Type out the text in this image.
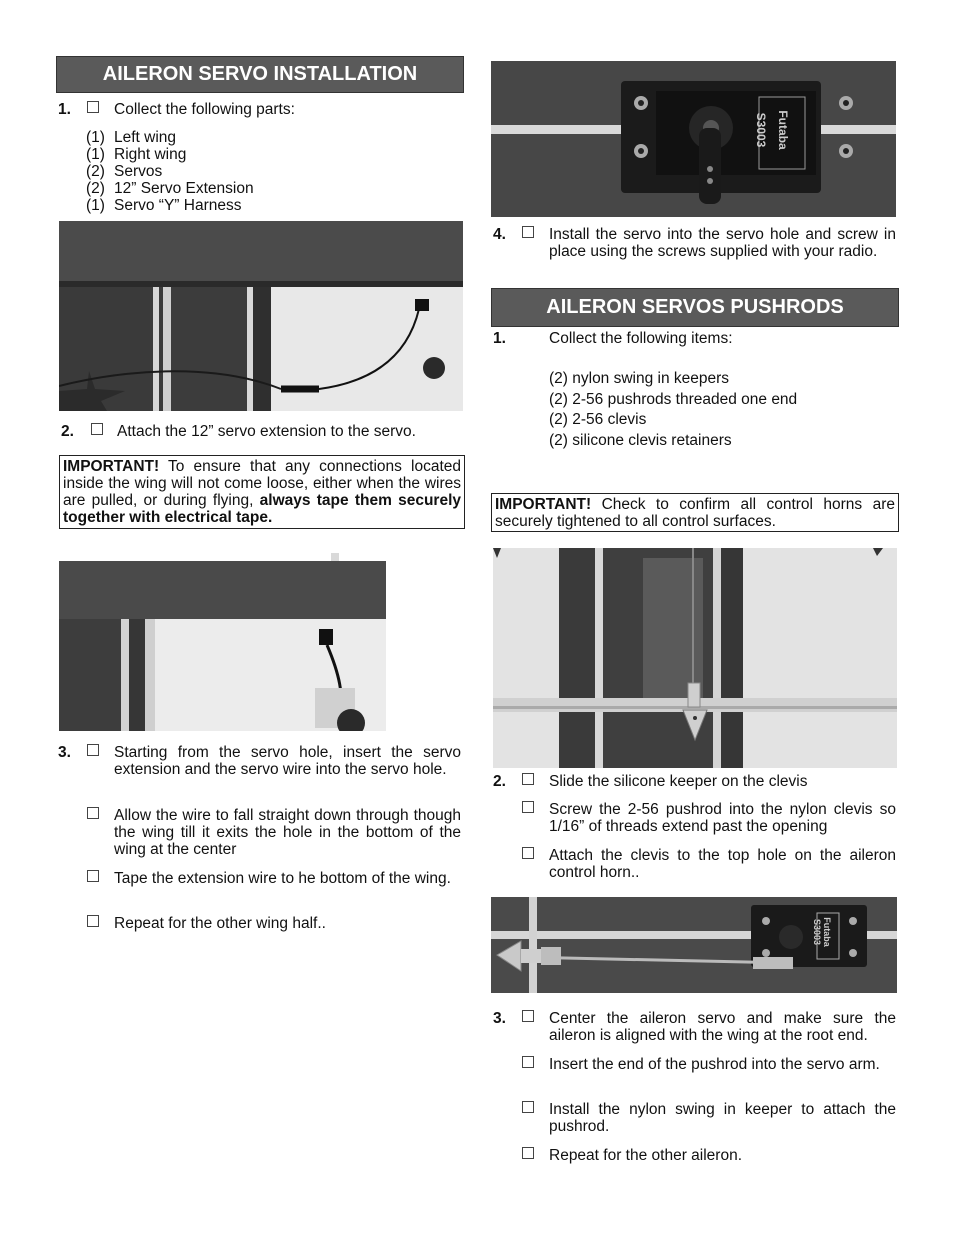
AILERON SERVO INSTALLATION
1.	Collect the following parts:
(1) Left wing
(1) Right wing
(2) Servos
(2) 12” Servo Extension
(1) Servo “Y” Harness
2.	Attach the 12” servo extension to the servo.
IMPORTANT! To ensure that any connections located inside the wing will not come loose, either when the wires are pulled, or during flying, always tape them securely together with electrical tape.
3.	Starting from the servo hole, insert the servo extension and the servo wire into the servo hole.
Allow the wire to fall straight down through though the wing till it exits the hole in the bottom of the wing at the center
Tape the extension wire to he bottom of the wing.
Repeat for the other wing half..
Futaba
S3003
4.	Install the servo into the servo hole and screw in place using the screws supplied with your radio.
AILERON SERVOS PUSHRODS
1.	Collect the following items:
(2) nylon swing in keepers
(2) 2-56 pushrods threaded one end
(2) 2-56 clevis
(2) silicone clevis retainers
IMPORTANT! Check to confirm all control horns are securely tightened to all control surfaces.
2.	Slide the silicone keeper on the clevis
Screw the 2-56 pushrod into the nylon clevis so 1/16” of threads extend past the opening
Attach the clevis to the top hole on the aileron control horn..
Futaba
S3003
3.	Center the aileron servo and make sure the aileron is aligned with the wing at the root end.
Insert the end of the pushrod into the servo arm.
Install the nylon swing in keeper to attach the pushrod.
Repeat for the other aileron.
